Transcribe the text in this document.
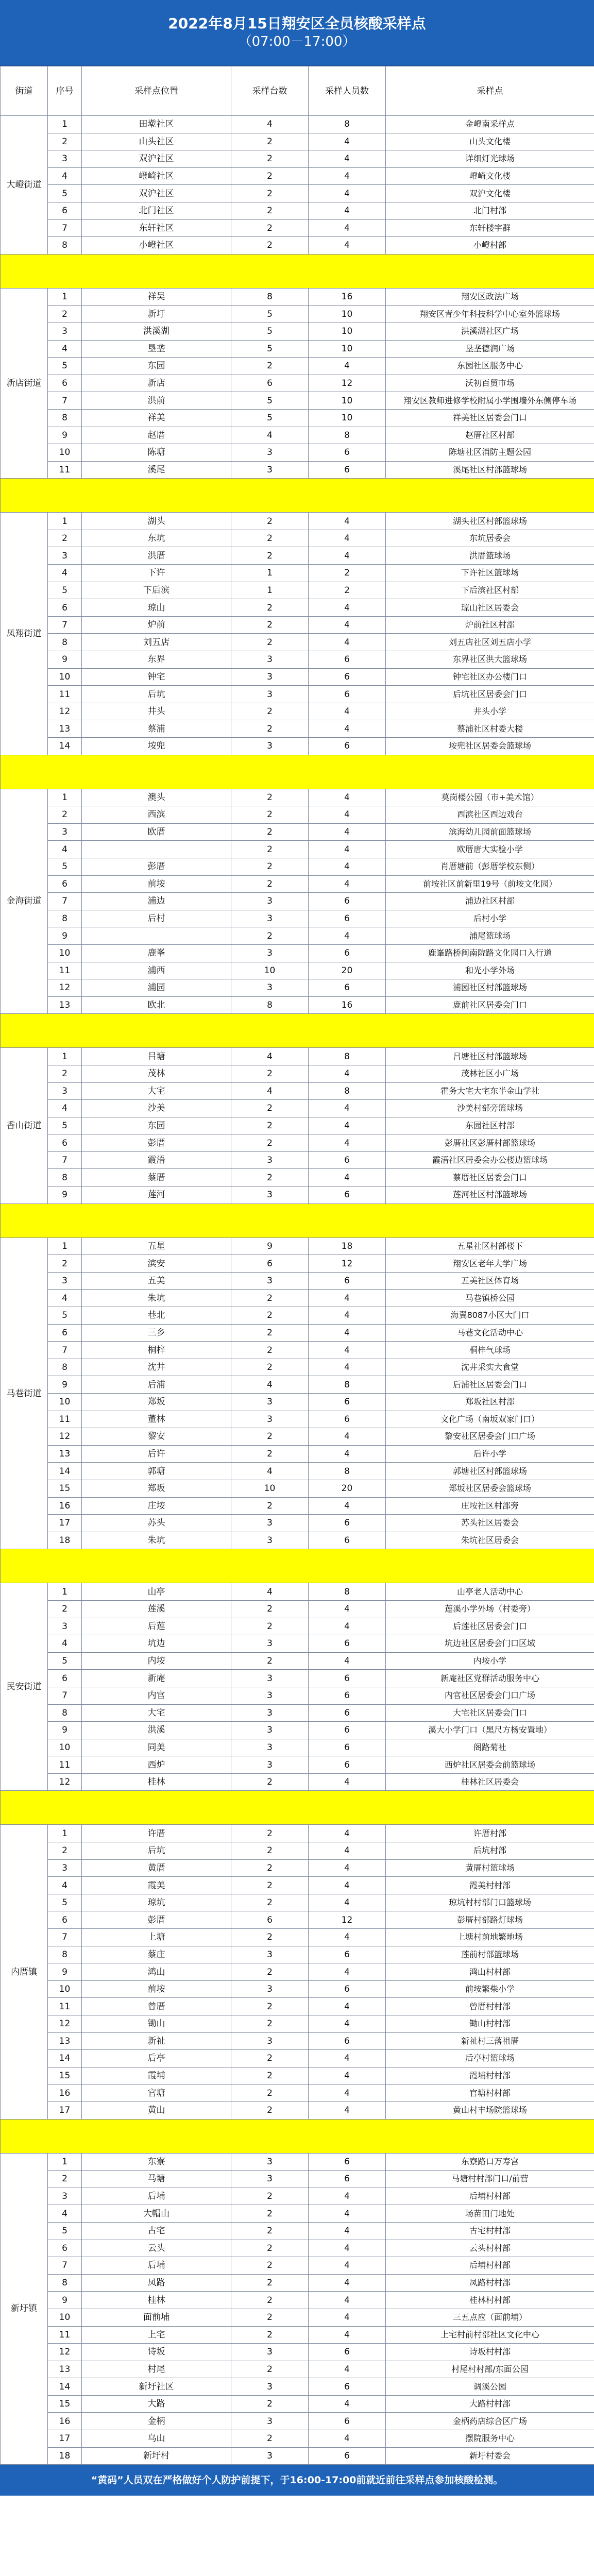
2022年8月15日翔安区全员核酸采样点
（07:00－17:00）
街道	序号	采样点位置	采样台数	采样人员数	采样点
大嶝街道	1	田墘社区	4	8	金嶝南采样点
	2	山头社区	2	4	山头文化楼
	3	双沪社区	2	4	详细灯光球场
	4	嶝崎社区	2	4	嶝崎文化楼
	5	双沪社区	2	4	双沪文化楼
	6	北门社区	2	4	北门村部
	7	东轩社区	2	4	东轩楼宇群
	8	小嶝社区	2	4	小嶝村部

新店街道	1	祥吴	8	16	翔安区政法广场
	2	新圩	5	10	翔安区青少年科技科学中心室外篮球场
	3	洪溪湖	5	10	洪溪湖社区广场
	4	垦垄	5	10	垦垄德润广场
	5	东园	2	4	东园社区服务中心
	6	新店	6	12	沃初百贸市场
	7	洪前	5	10	翔安区教师进修学校附属小学围墙外东侧停车场
	8	祥美	5	10	祥美社区居委会门口
	9	赵厝	4	8	赵厝社区村部
	10	陈塘	3	6	陈塘社区消防主题公园
	11	溪尾	3	6	溪尾社区村部篮球场

凤翔街道	1	湖头	2	4	湖头社区村部篮球场
	2	东坑	2	4	东坑居委会
	3	洪厝	2	4	洪厝篮球场
	4	下许	1	2	下许社区篮球场
	5	下后滨	1	2	下后滨社区村部
	6	琼山	2	4	琼山社区居委会
	7	炉前	2	4	炉前社区村部
	8	刘五店	2	4	刘五店社区刘五店小学
	9	东界	3	6	东界社区洪大篮球场
	10	钟宅	3	6	钟宅社区办公楼门口
	11	后坑	3	6	后坑社区居委会门口
	12	井头	2	4	井头小学
	13	蔡浦	2	4	蔡浦社区村委大楼
	14	垵兜	3	6	垵兜社区居委会篮球场

金海街道	1	澳头	2	4	莫岗楼公园（市+美术馆）
	2	西滨	2	4	西滨社区西边戏台
	3	欧厝	2	4	滨海幼儿园前面篮球场
	4		2	4	欧厝唐大实验小学
	5	彭厝	2	4	肖厝塘前（彭厝学校东侧）
	6	前垵	2	4	前垵社区前新里19号（前垵文化园）
	7	浦边	3	6	浦边社区村部
	8	后村	3	6	后村小学
	9		2	4	浦尾篮球场
	10	鹿峯	3	6	鹿峯路桥闽南院路文化园口入行道
	11	浦西	10	20	和光小学外场
	12	浦园	3	6	浦园社区村部篮球场
	13	欧北	8	16	鹿前社区居委会门口

香山街道	1	吕塘	4	8	吕塘社区村部篮球场
	2	茂林	2	4	茂林社区小广场
	3	大宅	4	8	霍务大宅大宅东半金山学社
	4	沙美	2	4	沙美村部旁篮球场
	5	东园	2	4	东园社区村部
	6	彭厝	2	4	彭厝社区彭厝村部篮球场
	7	霞浯	3	6	霞浯社区居委会办公楼边篮球场
	8	蔡厝	2	4	蔡厝社区居委会门口
	9	莲河	3	6	莲河社区村部篮球场

马巷街道	1	五星	9	18	五星社区村部楼下
	2	滨安	6	12	翔安区老年大学广场
	3	五美	3	6	五美社区体育场
	4	朱坑	2	4	马巷镇桥公园
	5	巷北	2	4	海翼8087小区大门口
	6	三乡	2	4	马巷文化活动中心
	7	桐梓	2	4	桐梓气球场
	8	沈井	2	4	沈井采实大食堂
	9	后浦	4	8	后浦社区居委会门口
	10	郑坂	3	6	郑坂社区村部
	11	董林	3	6	文化广场（南坂双家门口）
	12	黎安	2	4	黎安社区居委会门口广场
	13	后许	2	4	后许小学
	14	郭塘	4	8	郭塘社区村部篮球场
	15	郑坂	10	20	郑坂社区居委会篮球场
	16	庄垵	2	4	庄垵社区村部旁
	17	苏头	3	6	苏头社区居委会
	18	朱坑	3	6	朱坑社区居委会

民安街道	1	山亭	4	8	山亭老人活动中心
	2	莲溪	2	4	莲溪小学外场（村委旁）
	3	后莲	2	4	后莲社区居委会门口
	4	坑边	3	6	坑边社区居委会门口区域
	5	内垵	2	4	内垵小学
	6	新庵	3	6	新庵社区党群活动服务中心
	7	内官	3	6	内官社区居委会门口广场
	8	大宅	3	6	大宅社区居委会门口
	9	洪溪	3	6	溪大小学门口（黑尺方杨安置地）
	10	同美	3	6	阁路菊社
	11	西炉	3	6	西炉社区居委会前篮球场
	12	桂林	2	4	桂林社区居委会

内厝镇	1	许厝	2	4	许厝村部
	2	后坑	2	4	后坑村部
	3	黄厝	2	4	黄厝村篮球场
	4	霞美	2	4	霞美村村部
	5	琼坑	2	4	琼坑村村部门口篮球场
	6	彭厝	6	12	彭厝村部路灯球场
	7	上塘	2	4	上塘村前地繁地场
	8	蔡庄	3	6	莲前村部篮球场
	9	鸿山	2	4	鸿山村村部
	10	前垵	3	6	前垵繁柴小学
	11	曾厝	2	4	曾厝村村部
	12	锄山	2	4	锄山村村部
	13	新祉	3	6	新祉村三落祖厝
	14	后亭	2	4	后亭村篮球场
	15	霞埔	2	4	霞埔村村部
	16	官塘	2	4	官塘村村部
	17	黄山	2	4	黄山村丰场院篮球场

新圩镇	1	东寮	3	6	东寮路口万寿宫
	2	马塘	3	6	马塘村村部门口/前营
	3	后埔	2	4	后埔村村部
	4	大帽山	2	4	场苗田门地处
	5	古宅	2	4	古宅村村部
	6	云头	2	4	云头村村部
	7	后埔	2	4	后埔村村部
	8	凤路	2	4	凤路村村部
	9	桂林	2	4	桂林村村部
	10	面前埔	2	4	三五点应（面前埔）
	11	上宅	2	4	上宅村前村部社区文化中心
	12	诗坂	3	6	诗坂村村部
	13	村尾	2	4	村尾村村部/东面公园
	14	新圩社区	3	6	调溪公园
	15	大路	2	4	大路村村部
	16	金柄	3	6	金柄药店综合区广场
	17	乌山	2	4	摆院服务中心
	18	新圩村	3	6	新圩村委会
“黄码”人员双在严格做好个人防护前提下，于16:00-17:00前就近前往采样点参加核酸检测。
